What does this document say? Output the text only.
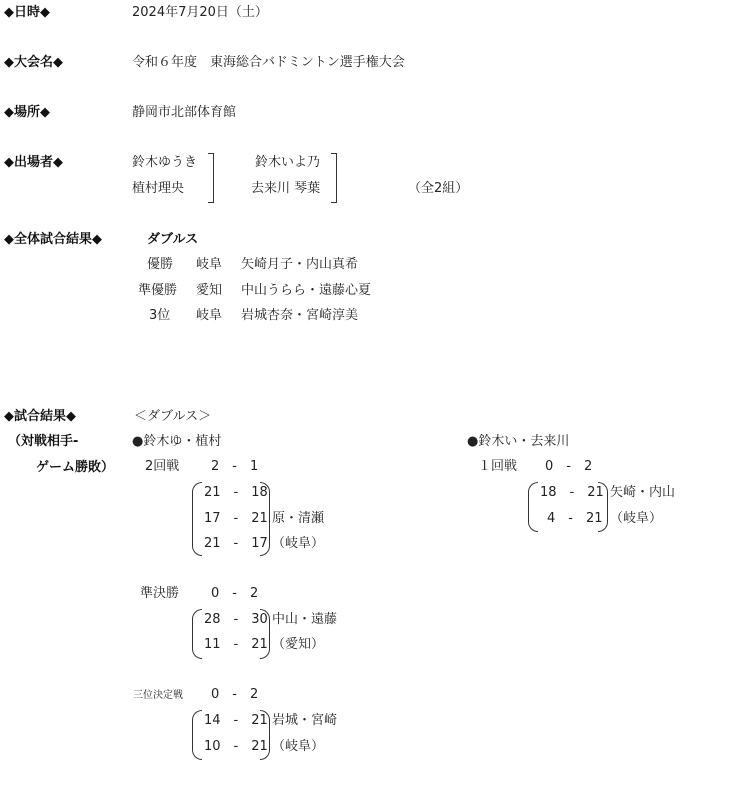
◆日時◆	2024年7月20日（土）
◆大会名◆	令和６年度　東海総合バドミントン選手権大会
◆場所◆	静岡市北部体育館
◆出場者◆	鈴木ゆうき
植村理央
鈴木いよ乃
去来川 琴葉	（全2組）
◆全体試合結果◆	ダブルス
優勝 岐阜 矢崎月子・内山真希
準優勝 愛知 中山うらら・遠藤心夏
3位 岐阜 岩城杏奈・宮崎淳美
◆試合結果◆
（対戦相手-
ゲーム勝敗）
＜ダブルス＞
●鈴木ゆ・植村
2回戦 2　-　1
21　-　18
17　-　21
21　-　17
原・清瀬
（岐阜）
準決勝 0　-　2
28　-　30
11　-　21
中山・遠藤
（愛知）
三位決定戦 0　-　2
14　-　21
10　-　21
岩城・宮崎
（岐阜）
●鈴木い・去来川
１回戦 0　-　2
18　-　21
4　-　21
矢崎・内山
（岐阜）
